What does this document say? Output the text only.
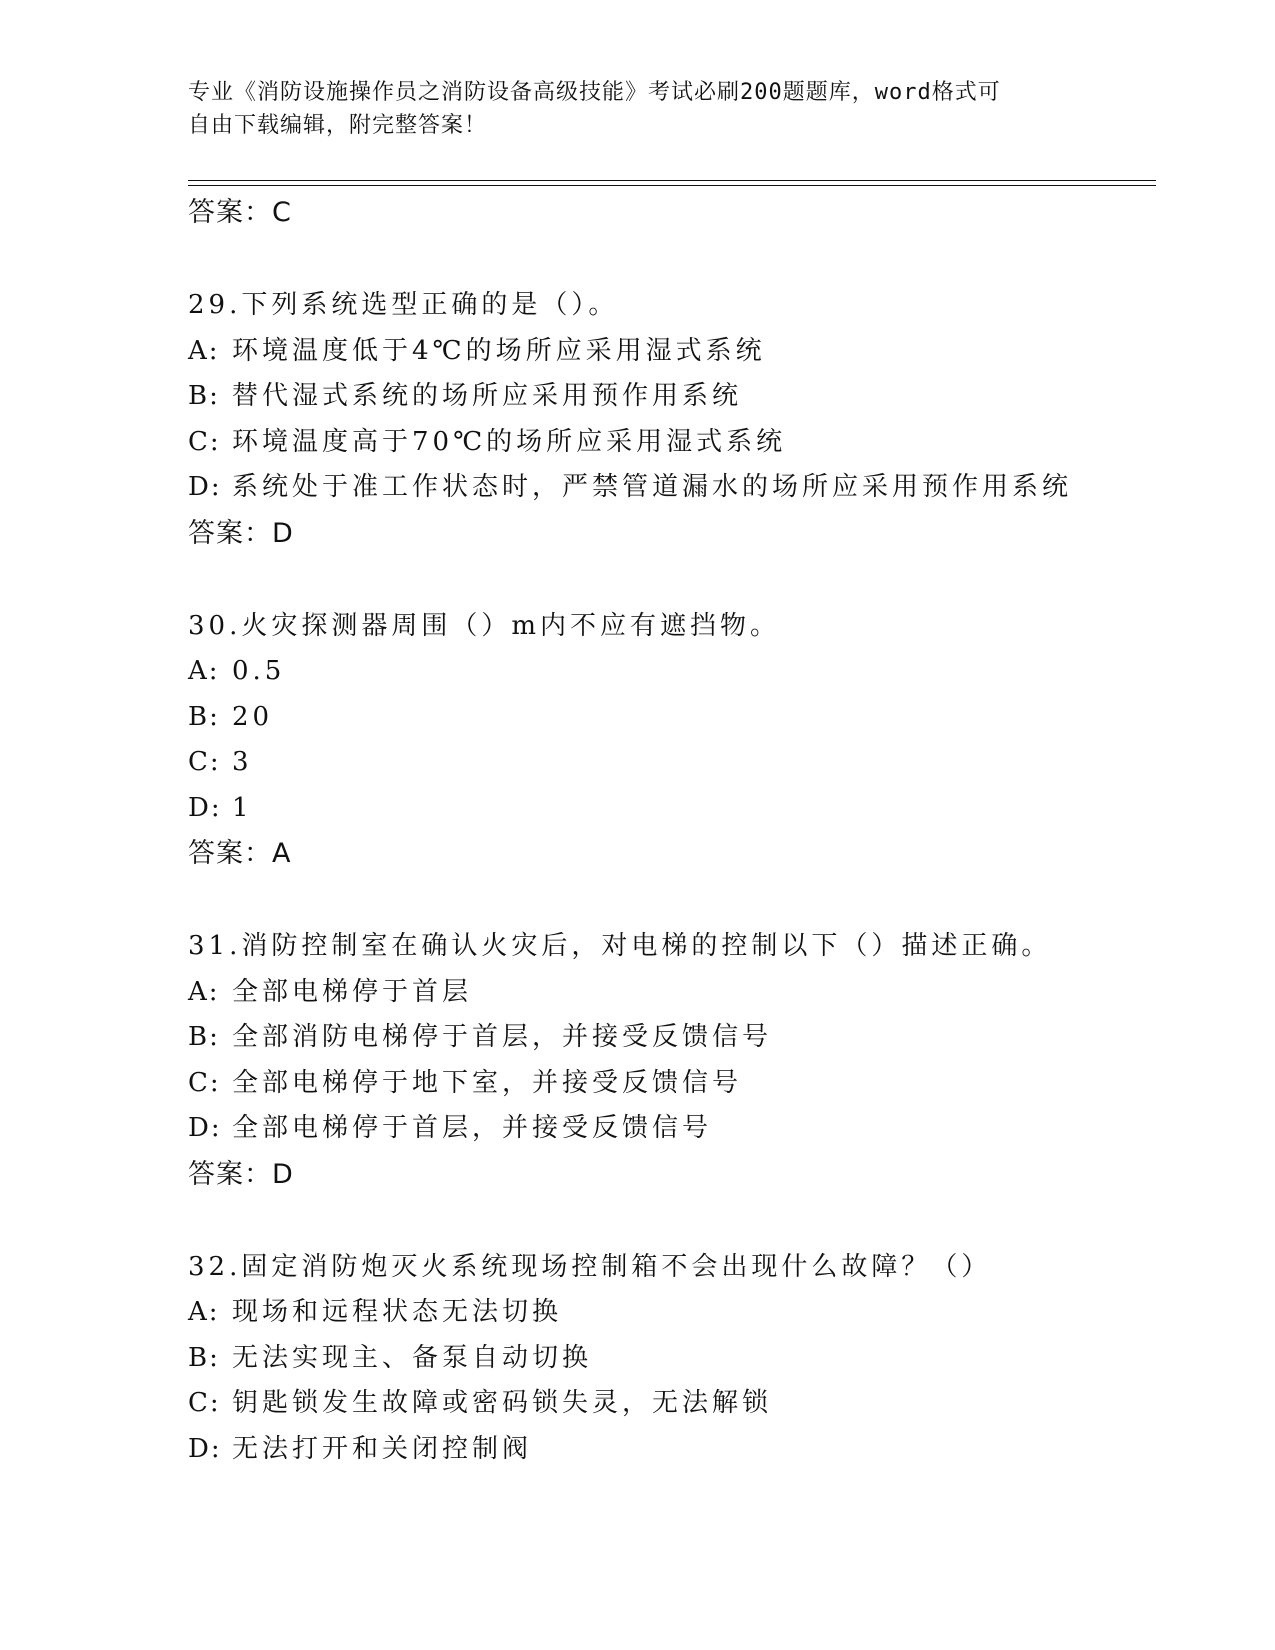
专业《消防设施操作员之消防设备高级技能》考试必刷200题题库，word格式可
自由下载编辑，附完整答案！
答案：C
29.下列系统选型正确的是（）。
A: 环境温度低于4℃的场所应采用湿式系统
B: 替代湿式系统的场所应采用预作用系统
C: 环境温度高于70℃的场所应采用湿式系统
D: 系统处于准工作状态时，严禁管道漏水的场所应采用预作用系统
答案：D
30.火灾探测器周围（）m内不应有遮挡物。
A: 0.5
B: 20
C: 3
D: 1
答案：A
31.消防控制室在确认火灾后，对电梯的控制以下（）描述正确。
A: 全部电梯停于首层
B: 全部消防电梯停于首层，并接受反馈信号
C: 全部电梯停于地下室，并接受反馈信号
D: 全部电梯停于首层，并接受反馈信号
答案：D
32.固定消防炮灭火系统现场控制箱不会出现什么故障？（）
A: 现场和远程状态无法切换
B: 无法实现主、备泵自动切换
C: 钥匙锁发生故障或密码锁失灵，无法解锁
D: 无法打开和关闭控制阀
